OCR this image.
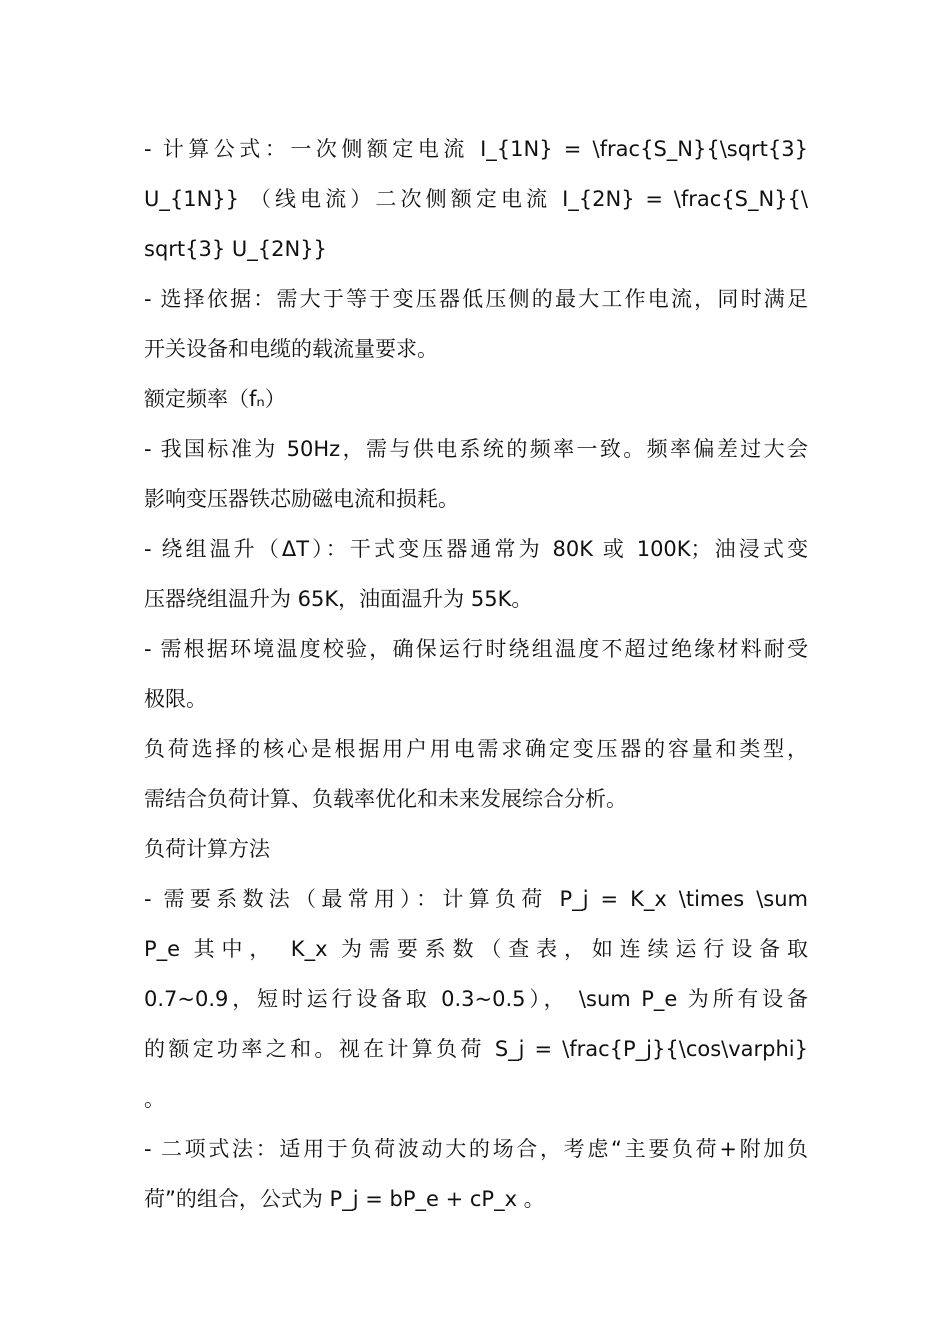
- 计算公式：一次侧额定电流 I_{1N} = \frac{S_N}{\sqrt{3}
U_{1N}} （线电流）二次侧额定电流 I_{2N} = \frac{S_N}{\
sqrt{3} U_{2N}}
- 选择依据：需大于等于变压器低压侧的最大工作电流，同时满足
开关设备和电缆的载流量要求。
额定频率（fₙ）
- 我国标准为 50Hz，需与供电系统的频率一致。频率偏差过大会
影响变压器铁芯励磁电流和损耗。
- 绕组温升（ΔT）：干式变压器通常为 80K 或 100K；油浸式变
压器绕组温升为 65K，油面温升为 55K。
- 需根据环境温度校验，确保运行时绕组温度不超过绝缘材料耐受
极限。
负荷选择的核心是根据用户用电需求确定变压器的容量和类型，
需结合负荷计算、负载率优化和未来发展综合分析。
负荷计算方法
- 需要系数法（最常用）：计算负荷 P_j = K_x \times \sum
P_e 其中， K_x 为需要系数（查表，如连续运行设备取
0.7~0.9，短时运行设备取 0.3~0.5）， \sum P_e 为所有设备
的额定功率之和。视在计算负荷 S_j = \frac{P_j}{\cos\varphi}
。
- 二项式法：适用于负荷波动大的场合，考虑“主要负荷+附加负
荷”的组合，公式为 P_j = bP_e + cP_x 。
